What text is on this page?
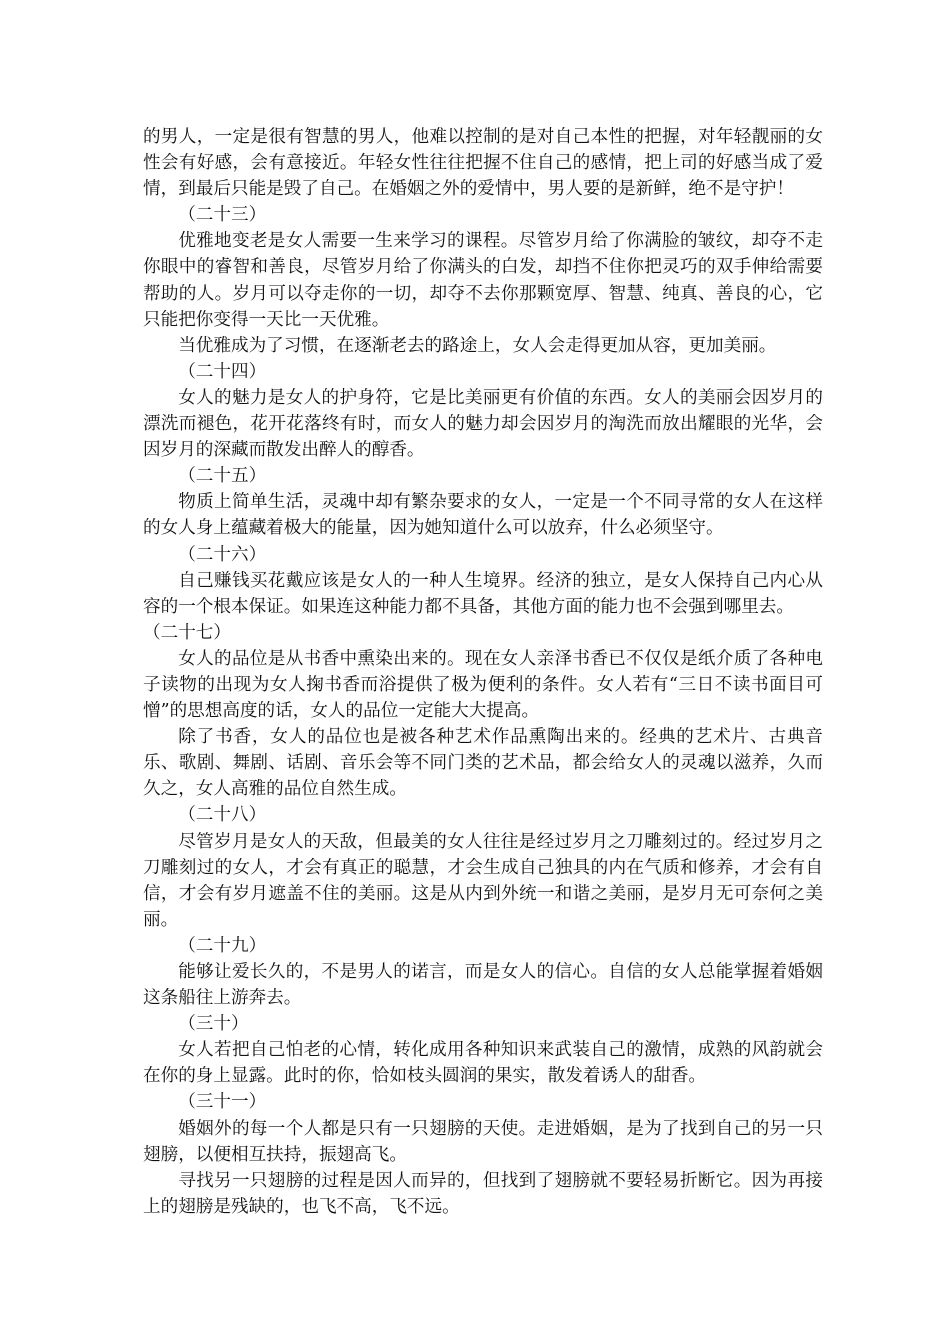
的男人，一定是很有智慧的男人，他难以控制的是对自己本性的把握，对年轻靓丽的女性会有好感，会有意接近。年轻女性往往把握不住自己的感情，把上司的好感当成了爱情，到最后只能是毁了自己。在婚姻之外的爱情中，男人要的是新鲜，绝不是守护！

（二十三）

优雅地变老是女人需要一生来学习的课程。尽管岁月给了你满脸的皱纹，却夺不走你眼中的睿智和善良，尽管岁月给了你满头的白发，却挡不住你把灵巧的双手伸给需要帮助的人。岁月可以夺走你的一切，却夺不去你那颗宽厚、智慧、纯真、善良的心，它只能把你变得一天比一天优雅。

当优雅成为了习惯，在逐渐老去的路途上，女人会走得更加从容，更加美丽。

（二十四）

女人的魅力是女人的护身符，它是比美丽更有价值的东西。女人的美丽会因岁月的漂洗而褪色，花开花落终有时，而女人的魅力却会因岁月的淘洗而放出耀眼的光华，会因岁月的深藏而散发出醉人的醇香。

（二十五）

物质上简单生活，灵魂中却有繁杂要求的女人，一定是一个不同寻常的女人在这样的女人身上蕴藏着极大的能量，因为她知道什么可以放弃，什么必须坚守。

（二十六）

自己赚钱买花戴应该是女人的一种人生境界。经济的独立，是女人保持自己内心从容的一个根本保证。如果连这种能力都不具备，其他方面的能力也不会强到哪里去。

（二十七）

女人的品位是从书香中熏染出来的。现在女人亲泽书香已不仅仅是纸介质了各种电子读物的出现为女人掬书香而浴提供了极为便利的条件。女人若有“三日不读书面目可憎”的思想高度的话，女人的品位一定能大大提高。

除了书香，女人的品位也是被各种艺术作品熏陶出来的。经典的艺术片、古典音乐、歌剧、舞剧、话剧、音乐会等不同门类的艺术品，都会给女人的灵魂以滋养，久而久之，女人高雅的品位自然生成。

（二十八）

尽管岁月是女人的天敌，但最美的女人往往是经过岁月之刀雕刻过的。经过岁月之刀雕刻过的女人，才会有真正的聪慧，才会生成自己独具的内在气质和修养，才会有自信，才会有岁月遮盖不住的美丽。这是从内到外统一和谐之美丽，是岁月无可奈何之美丽。

（二十九）

能够让爱长久的，不是男人的诺言，而是女人的信心。自信的女人总能掌握着婚姻这条船往上游奔去。

（三十）

女人若把自己怕老的心情，转化成用各种知识来武装自己的激情，成熟的风韵就会在你的身上显露。此时的你，恰如枝头圆润的果实，散发着诱人的甜香。

（三十一）

婚姻外的每一个人都是只有一只翅膀的天使。走进婚姻，是为了找到自己的另一只翅膀，以便相互扶持，振翅高飞。

寻找另一只翅膀的过程是因人而异的，但找到了翅膀就不要轻易折断它。因为再接上的翅膀是残缺的，也飞不高，飞不远。
